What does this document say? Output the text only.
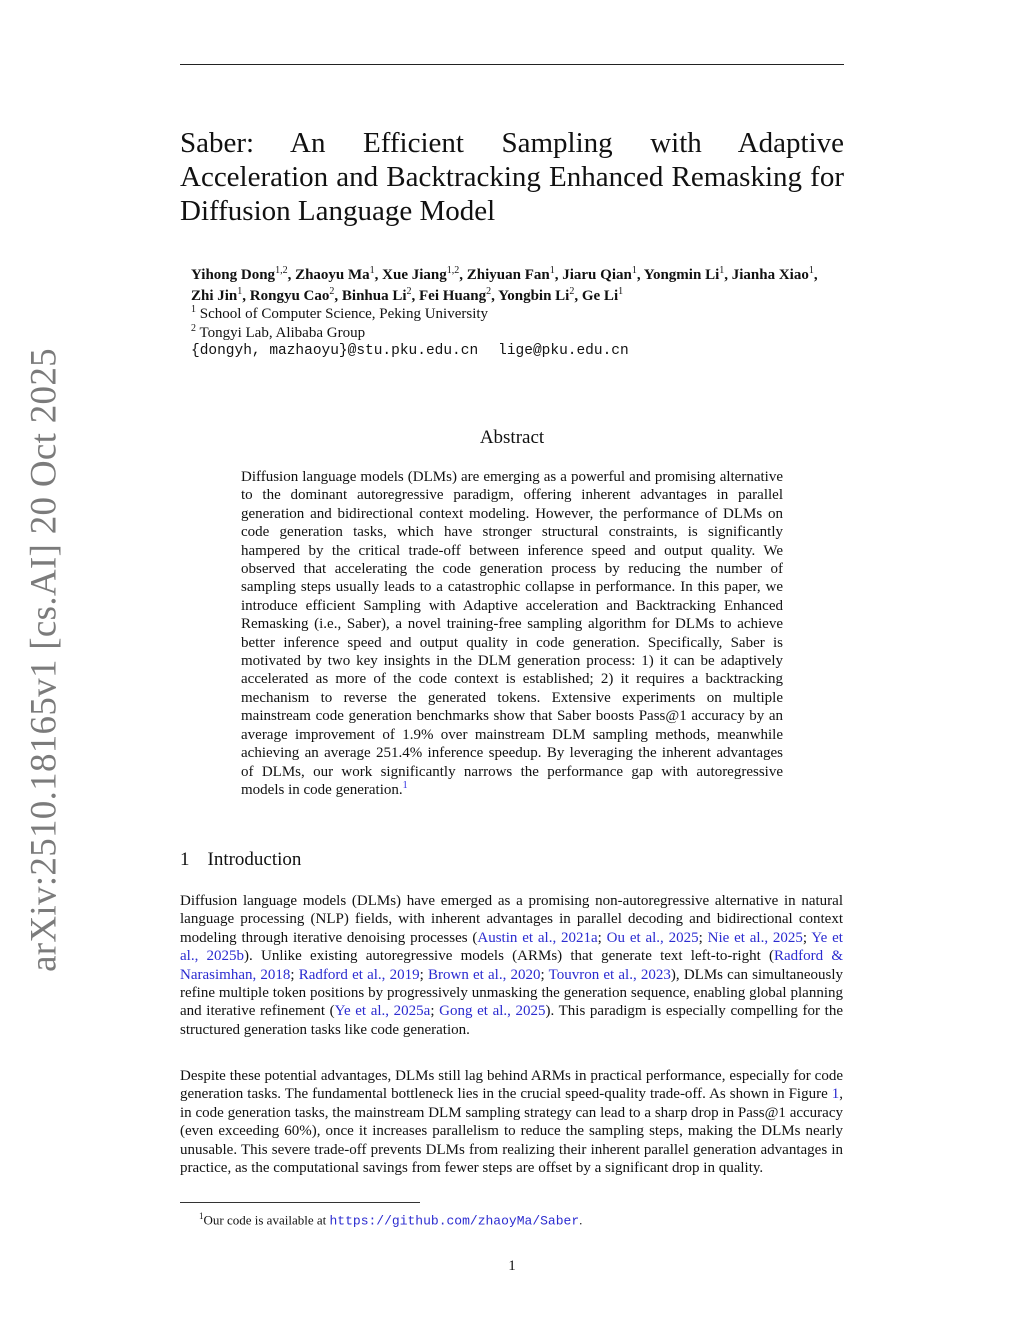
arXiv:2510.18165v1 [cs.AI] 20 Oct 2025
Saber: An Efficient Sampling with Adaptive Acceleration and Backtracking Enhanced Remasking for Diffusion Language Model
Yihong Dong$^{1,2}$, Zhaoyu Ma$^1$, Xue Jiang$^{1,2}$, Zhiyuan Fan$^1$, Jiaru Qian$^1$, Yongmin Li$^1$, Jianha Xiao$^1$, Zhi Jin$^1$, Rongyu Cao$^2$, Binhua Li$^2$, Fei Huang$^2$, Yongbin Li$^2$, Ge Li$^1$
$^1$ School of Computer Science, Peking University
$^2$ Tongyi Lab, Alibaba Group
{dongyh, mazhaoyu}@stu.pku.edu.cn lige@pku.edu.cn
Abstract

Diffusion language models (DLMs) are emerging as a powerful and promising alternative to the dominant autoregressive paradigm, offering inherent advantages in parallel generation and bidirectional context modeling. However, the performance of DLMs on code generation tasks, which have stronger structural constraints, is significantly hampered by the critical trade-off between inference speed and output quality. We observed that accelerating the code generation process by reducing the number of sampling steps usually leads to a catastrophic collapse in performance. In this paper, we introduce efficient Sampling with Adaptive acceleration and Backtracking Enhanced Remasking (i.e., Saber), a novel training-free sampling algorithm for DLMs to achieve better inference speed and output quality in code generation. Specifically, Saber is motivated by two key insights in the DLM generation process: 1) it can be adaptively accelerated as more of the code context is established; 2) it requires a backtracking mechanism to reverse the generated tokens. Extensive experiments on multiple mainstream code generation benchmarks show that Saber boosts Pass@1 accuracy by an average improvement of 1.9% over mainstream DLM sampling methods, meanwhile achieving an average 251.4% inference speedup. By leveraging the inherent advantages of DLMs, our work significantly narrows the performance gap with autoregressive models in code generation.$^1$

1 Introduction

Diffusion language models (DLMs) have emerged as a promising non-autoregressive alternative in natural language processing (NLP) fields, with inherent advantages in parallel decoding and bidirectional context modeling through iterative denoising processes (Austin et al., 2021a; Ou et al., 2025; Nie et al., 2025; Ye et al., 2025b). Unlike existing autoregressive models (ARMs) that generate text left-to-right (Radford & Narasimhan, 2018; Radford et al., 2019; Brown et al., 2020; Touvron et al., 2023), DLMs can simultaneously refine multiple token positions by progressively unmasking the generation sequence, enabling global planning and iterative refinement (Ye et al., 2025a; Gong et al., 2025). This paradigm is especially compelling for the structured generation tasks like code generation.

Despite these potential advantages, DLMs still lag behind ARMs in practical performance, especially for code generation tasks. The fundamental bottleneck lies in the crucial speed-quality trade-off. As shown in Figure 1, in code generation tasks, the mainstream DLM sampling strategy can lead to a sharp drop in Pass@1 accuracy (even exceeding 60%), once it increases parallelism to reduce the sampling steps, making the DLMs nearly unusable. This severe trade-off prevents DLMs from realizing their inherent parallel generation advantages in practice, as the computational savings from fewer steps are offset by a significant drop in quality.

$^1$Our code is available at https://github.com/zhaoyMa/Saber.
1
